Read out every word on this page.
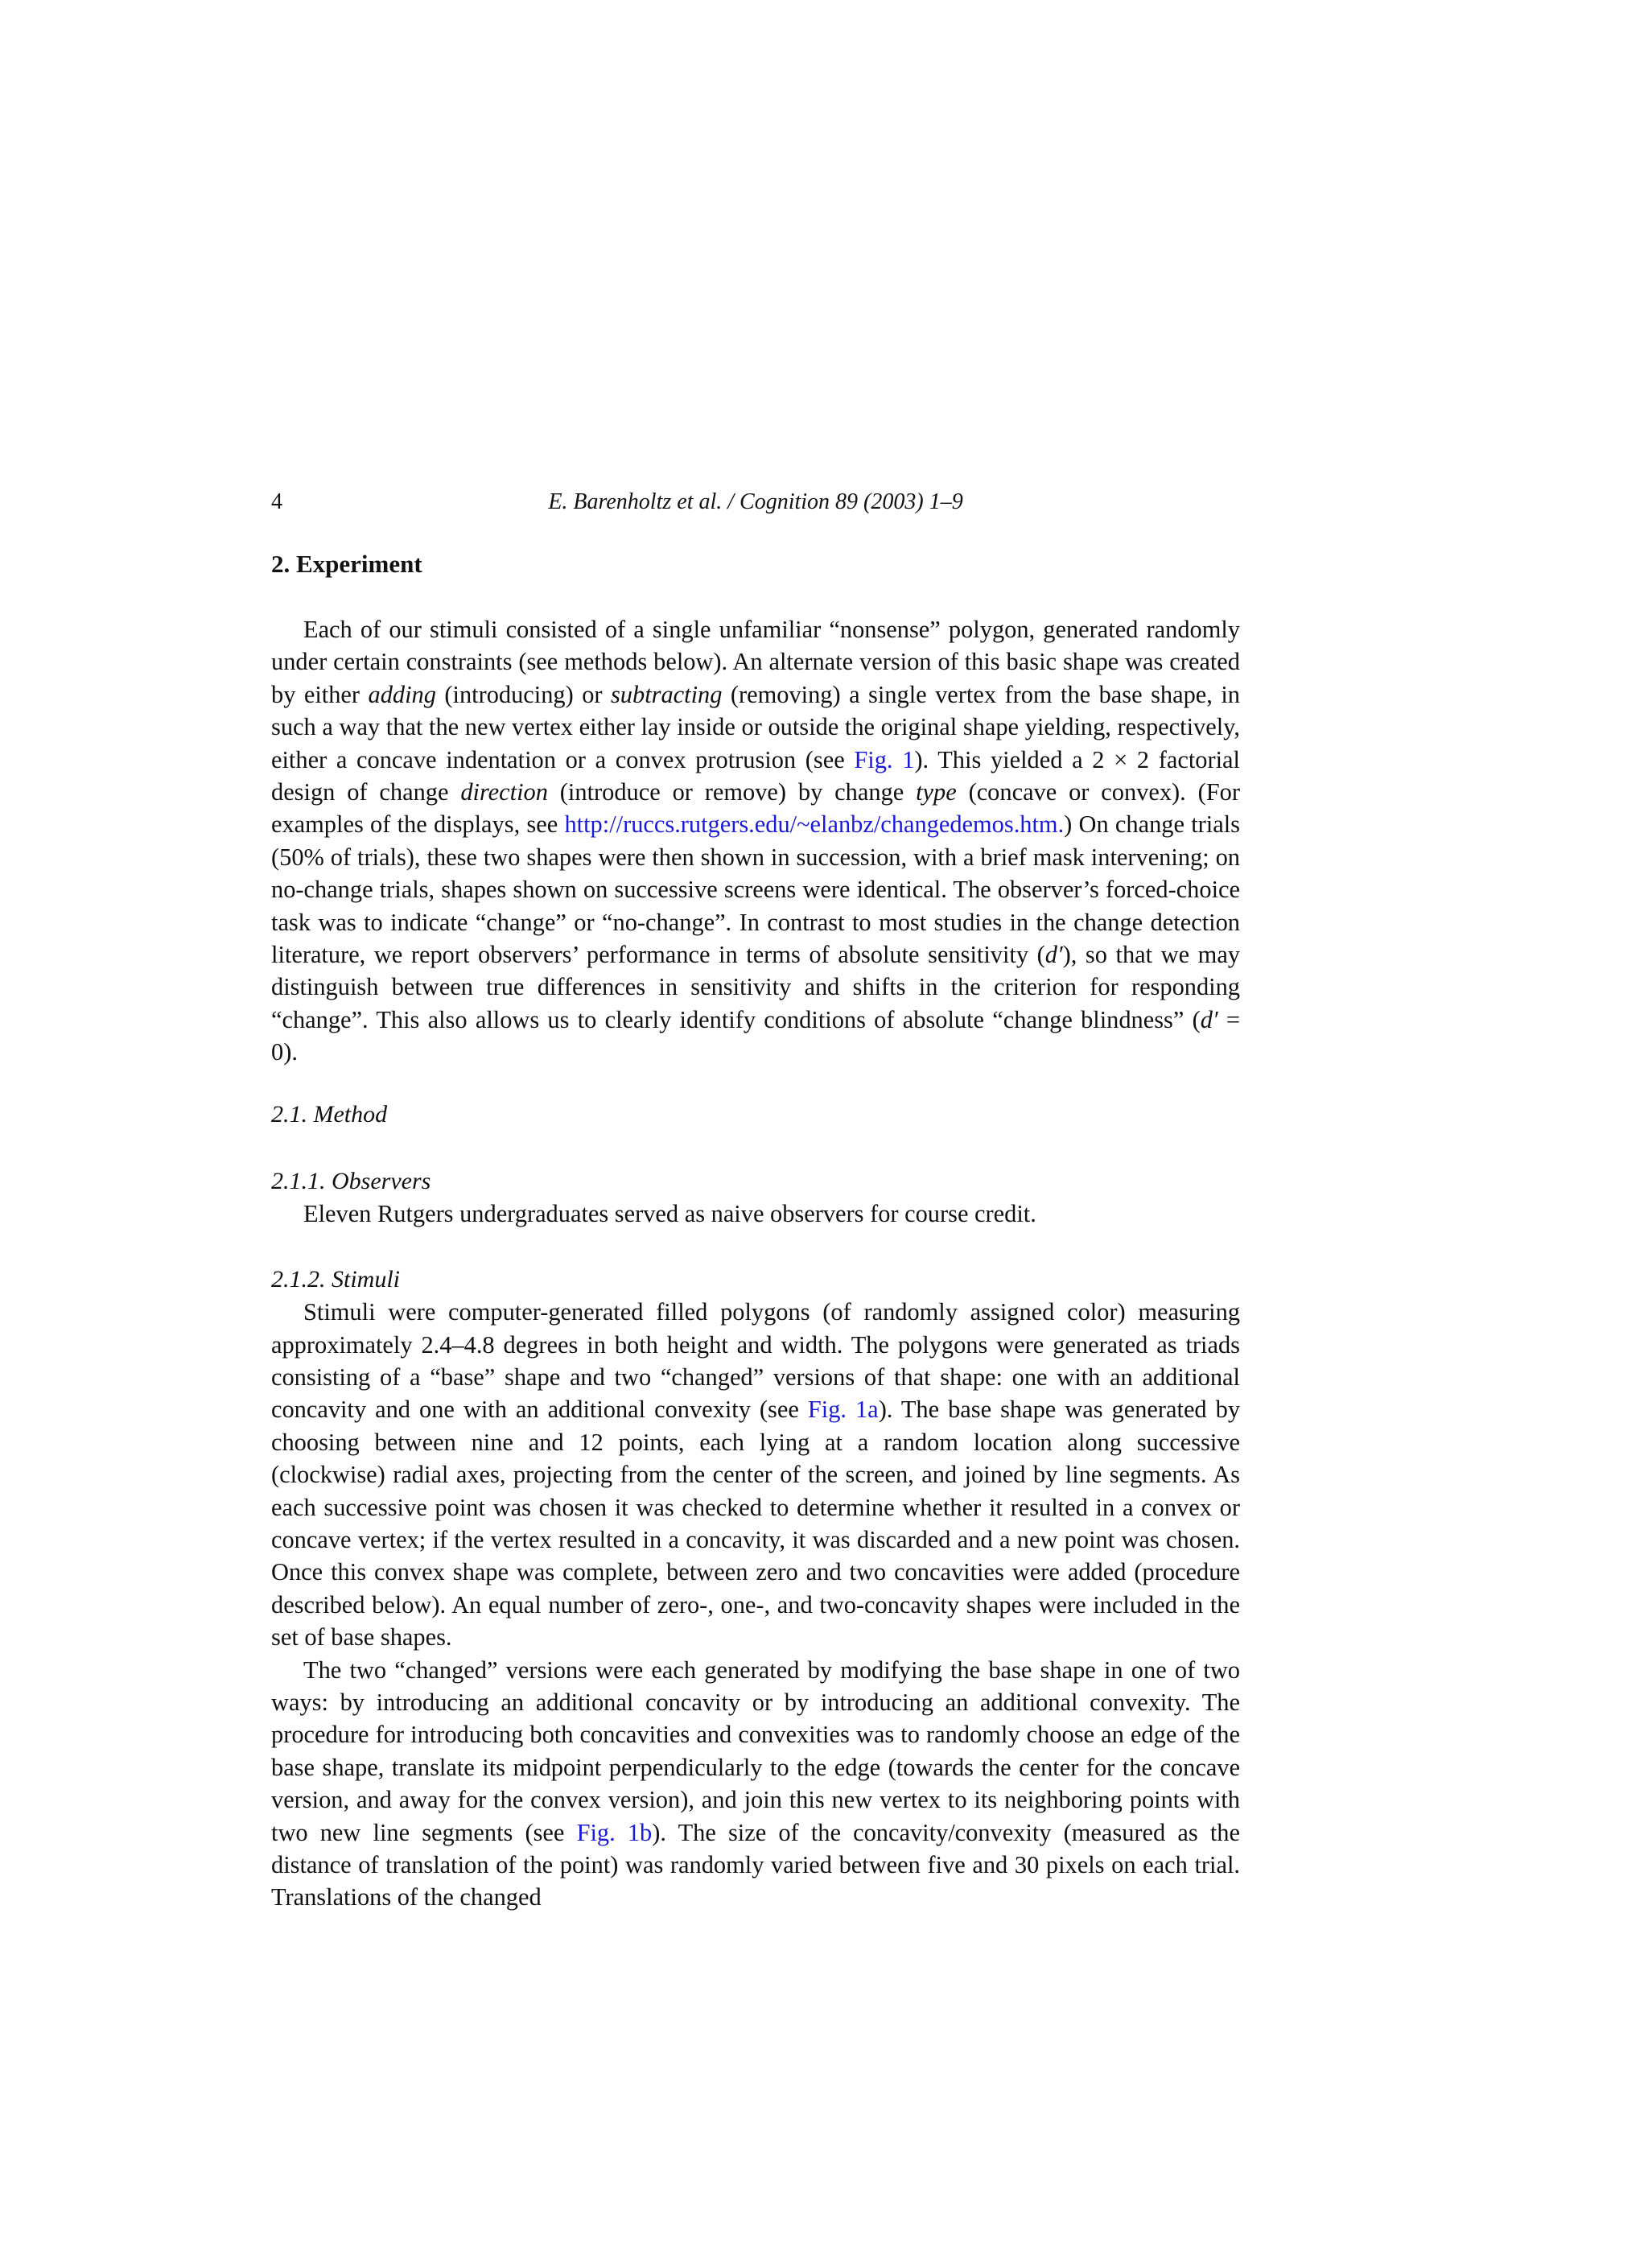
4	E. Barenholtz et al. / Cognition 89 (2003) 1–9
2. Experiment

Each of our stimuli consisted of a single unfamiliar “nonsense” polygon, generated randomly under certain constraints (see methods below). An alternate version of this basic shape was created by either adding (introducing) or subtracting (removing) a single vertex from the base shape, in such a way that the new vertex either lay inside or outside the original shape yielding, respectively, either a concave indentation or a convex protrusion (see Fig. 1). This yielded a 2 × 2 factorial design of change direction (introduce or remove) by change type (concave or convex). (For examples of the displays, see http://ruccs.rutgers.edu/~elanbz/changedemos.htm.) On change trials (50% of trials), these two shapes were then shown in succession, with a brief mask intervening; on no-change trials, shapes shown on successive screens were identical. The observer’s forced-choice task was to indicate “change” or “no-change”. In contrast to most studies in the change detection literature, we report observers’ performance in terms of absolute sensitivity (d′), so that we may distinguish between true differences in sensitivity and shifts in the criterion for responding “change”. This also allows us to clearly identify conditions of absolute “change blindness” (d′ = 0).

2.1. Method
2.1.1. Observers

Eleven Rutgers undergraduates served as naive observers for course credit.

2.1.2. Stimuli

Stimuli were computer-generated filled polygons (of randomly assigned color) measuring approximately 2.4–4.8 degrees in both height and width. The polygons were generated as triads consisting of a “base” shape and two “changed” versions of that shape: one with an additional concavity and one with an additional convexity (see Fig. 1a). The base shape was generated by choosing between nine and 12 points, each lying at a random location along successive (clockwise) radial axes, projecting from the center of the screen, and joined by line segments. As each successive point was chosen it was checked to determine whether it resulted in a convex or concave vertex; if the vertex resulted in a concavity, it was discarded and a new point was chosen. Once this convex shape was complete, between zero and two concavities were added (procedure described below). An equal number of zero-, one-, and two-concavity shapes were included in the set of base shapes.

The two “changed” versions were each generated by modifying the base shape in one of two ways: by introducing an additional concavity or by introducing an additional convexity. The procedure for introducing both concavities and convexities was to randomly choose an edge of the base shape, translate its midpoint perpendicularly to the edge (towards the center for the concave version, and away for the convex version), and join this new vertex to its neighboring points with two new line segments (see Fig. 1b). The size of the concavity/convexity (measured as the distance of translation of the point) was randomly varied between five and 30 pixels on each trial. Translations of the changed
